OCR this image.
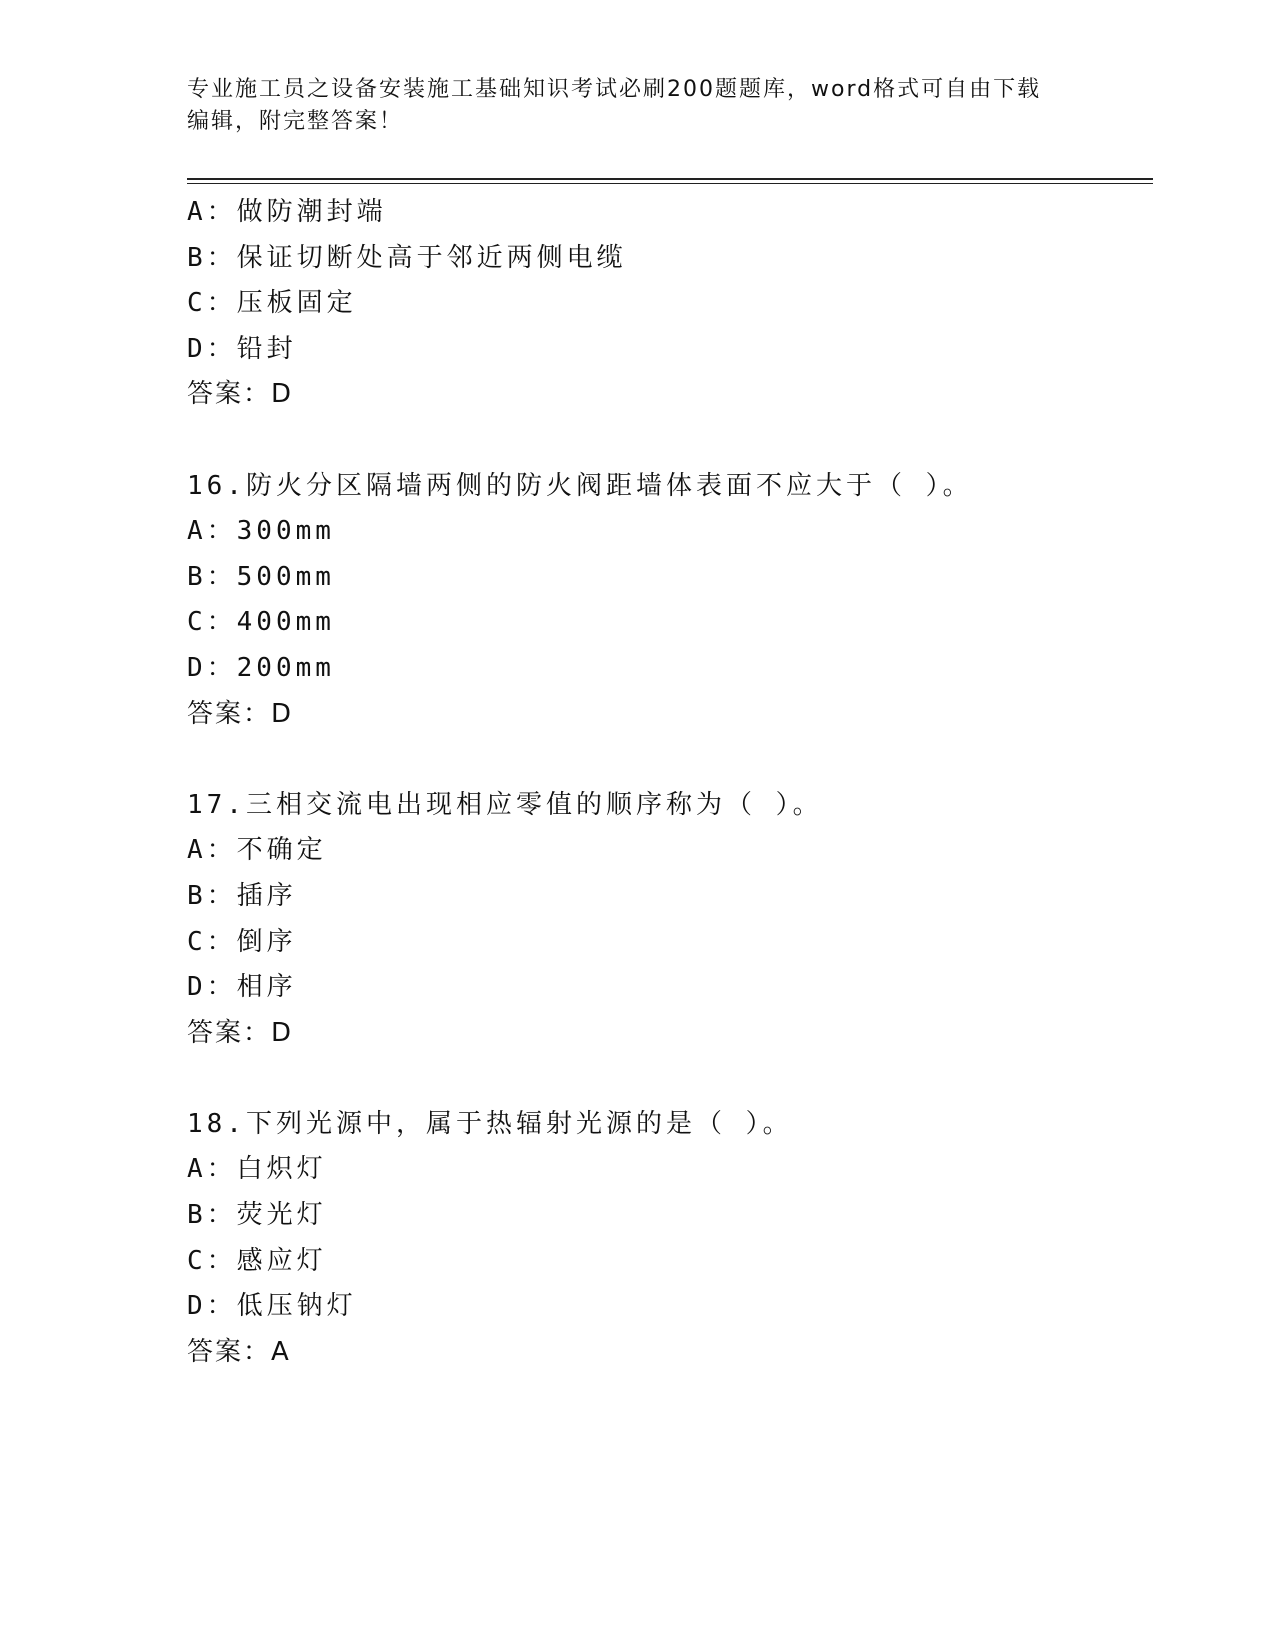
专业施工员之设备安装施工基础知识考试必刷200题题库，word格式可自由下载
编辑，附完整答案！
A：做防潮封端
B：保证切断处高于邻近两侧电缆
C：压板固定
D：铅封
答案：D
16.防火分区隔墙两侧的防火阀距墙体表面不应大于（ ）。
A：300mm
B：500mm
C：400mm
D：200mm
答案：D
17.三相交流电出现相应零值的顺序称为（ ）。
A：不确定
B：插序
C：倒序
D：相序
答案：D
18.下列光源中，属于热辐射光源的是（ ）。
A：白炽灯
B：荧光灯
C：感应灯
D：低压钠灯
答案：A
